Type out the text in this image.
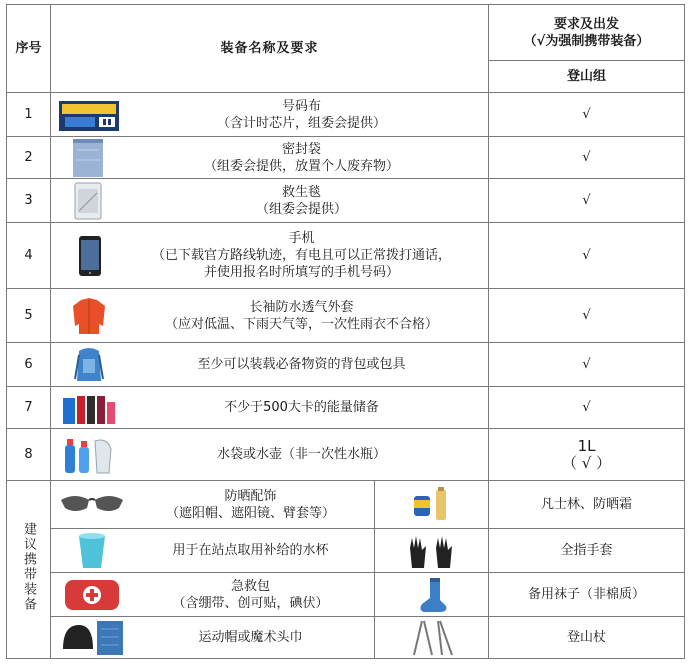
序号	装备名称及要求		要求及出发
（√为强制携带装备）

			登山组
1	号码布
（含计时芯片，组委会提供）		√
2	密封袋
（组委会提供，放置个人废弃物）		√
3	救生毯
（组委会提供）		√
4	手机
（已下载官方路线轨迹，有电且可以正常拨打通话，
并使用报名时所填写的手机号码）		√
5	长袖防水透气外套
（应对低温、下雨天气等，一次性雨衣不合格）		√
6	至少可以装载必备物资的背包或包具		√
7	不少于500大卡的能量储备		√
8	水袋或水壶（非一次性水瓶）		1L
（ √ ）

建议携带装备	防晒配饰
（遮阳帽、遮阳镜、臂套等）		凡士林、防晒霜

	用于在站点取用补给的水杯		全指手套

	急救包
（含绷带、创可贴，碘伏）		备用袜子（非棉质）

	运动帽或魔术头巾		登山杖
